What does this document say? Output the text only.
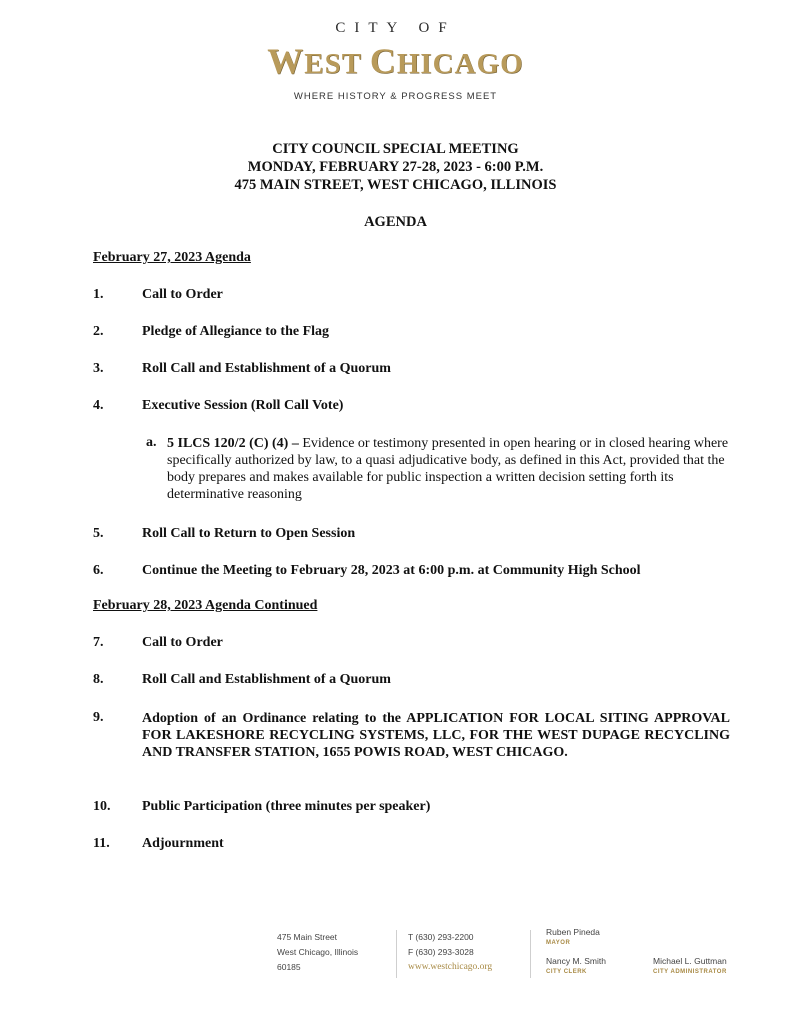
CITY OF
WEST CHICAGO
WHERE HISTORY & PROGRESS MEET
CITY COUNCIL SPECIAL MEETING
MONDAY, FEBRUARY 27-28, 2023 - 6:00 P.M.
475 MAIN STREET, WEST CHICAGO, ILLINOIS
AGENDA
February 27, 2023 Agenda
1.	Call to Order
2.	Pledge of Allegiance to the Flag
3.	Roll Call and Establishment of a Quorum
4.	Executive Session (Roll Call Vote)
a. 5 ILCS 120/2 (C) (4) – Evidence or testimony presented in open hearing or in closed hearing where specifically authorized by law, to a quasi adjudicative body, as defined in this Act, provided that the body prepares and makes available for public inspection a written decision setting forth its determinative reasoning
5.	Roll Call to Return to Open Session
6.	Continue the Meeting to February 28, 2023 at 6:00 p.m. at Community High School
February 28, 2023 Agenda Continued
7.	Call to Order
8.	Roll Call and Establishment of a Quorum
9.	Adoption of an Ordinance relating to the APPLICATION FOR LOCAL SITING APPROVAL FOR LAKESHORE RECYCLING SYSTEMS, LLC, FOR THE WEST DUPAGE RECYCLING AND TRANSFER STATION, 1655 POWIS ROAD, WEST CHICAGO.
10. Public Participation (three minutes per speaker)
11. Adjournment
475 Main Street
West Chicago, Illinois
60185
T (630) 293-2200
F (630) 293-3028
www.westchicago.org
Ruben Pineda
MAYOR
Nancy M. Smith
CITY CLERK
Michael L. Guttman
CITY ADMINISTRATOR
